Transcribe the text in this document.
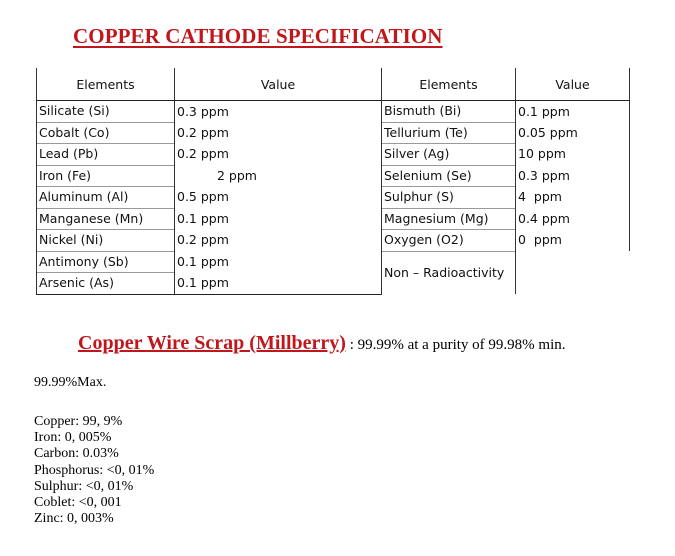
COPPER CATHODE SPECIFICATION
Elements	Value	Elements	Value
Silicate (Si)	0.3 ppm	Bismuth (Bi)	0.1 ppm
Cobalt (Co)	0.2 ppm	Tellurium (Te)	0.05 ppm
Lead (Pb)	0.2 ppm	Silver (Ag)	10 ppm
Iron (Fe)	2 ppm	Selenium (Se)	0.3 ppm
Aluminum (Al)	0.5 ppm	Sulphur (S)	4  ppm
Manganese (Mn)	0.1 ppm	Magnesium (Mg)	0.4 ppm
Nickel (Ni)	0.2 ppm	Oxygen (O2)	0  ppm
Antimony (Sb)	0.1 ppm	Non – Radioactivity	
Arsenic (As)	0.1 ppm		
Copper Wire Scrap (Millberry) : 99.99% at a purity of 99.98% min.
99.99%Max.
Copper: 99, 9%
Iron: 0, 005%
Carbon: 0.03%
Phosphorus: <0, 01%
Sulphur: <0, 01%
Coblet: <0, 001
Zinc: 0, 003%
